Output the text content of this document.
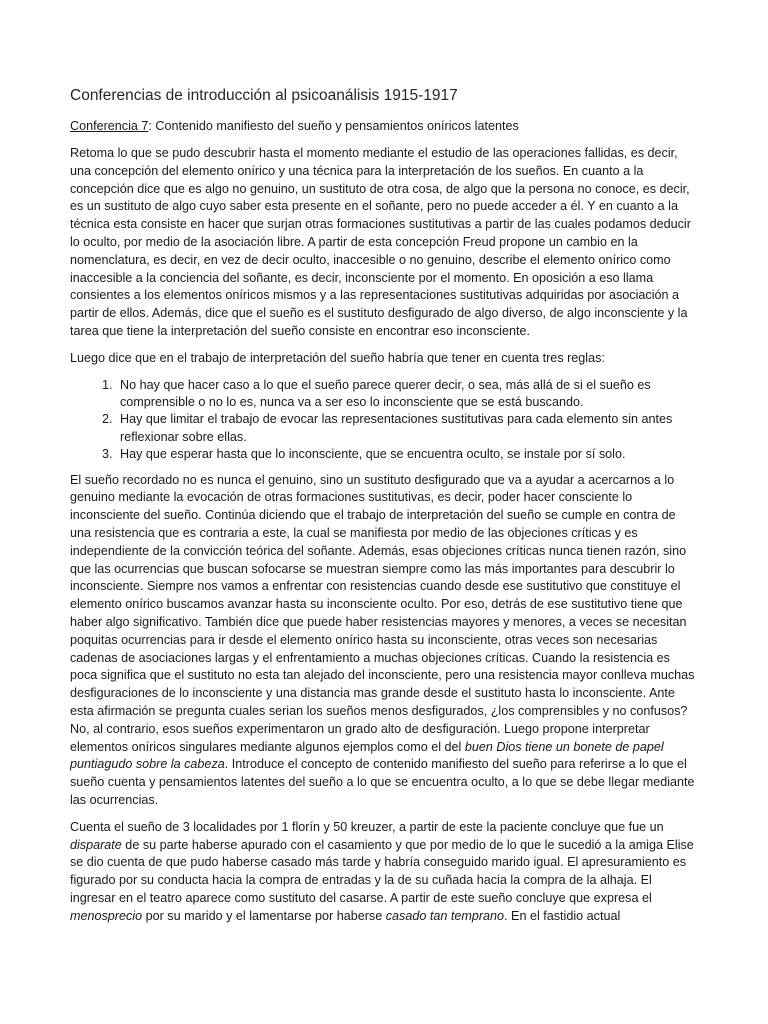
Conferencias de introducción al psicoanálisis 1915-1917

Conferencia 7: Contenido manifiesto del sueño y pensamientos oníricos latentes

Retoma lo que se pudo descubrir hasta el momento mediante el estudio de las operaciones fallidas, es decir, una concepción del elemento onírico y una técnica para la interpretación de los sueños. En cuanto a la concepción dice que es algo no genuino, un sustituto de otra cosa, de algo que la persona no conoce, es decir, es un sustituto de algo cuyo saber esta presente en el soñante, pero no puede acceder a él. Y en cuanto a la técnica esta consiste en hacer que surjan otras formaciones sustitutivas a partir de las cuales podamos deducir lo oculto, por medio de la asociación libre. A partir de esta concepción Freud propone un cambio en la nomenclatura, es decir, en vez de decir oculto, inaccesible o no genuino, describe el elemento onírico como inaccesible a la conciencia del soñante, es decir, inconsciente por el momento. En oposición a eso llama consientes a los elementos oníricos mismos y a las representaciones sustitutivas adquiridas por asociación a partir de ellos. Además, dice que el sueño es el sustituto desfigurado de algo diverso, de algo inconsciente y la tarea que tiene la interpretación del sueño consiste en encontrar eso inconsciente.

Luego dice que en el trabajo de interpretación del sueño habría que tener en cuenta tres reglas:

1. No hay que hacer caso a lo que el sueño parece querer decir, o sea, más allá de si el sueño es comprensible o no lo es, nunca va a ser eso lo inconsciente que se está buscando.
2. Hay que limitar el trabajo de evocar las representaciones sustitutivas para cada elemento sin antes reflexionar sobre ellas.
3. Hay que esperar hasta que lo inconsciente, que se encuentra oculto, se instale por sí solo.

El sueño recordado no es nunca el genuino, sino un sustituto desfigurado que va a ayudar a acercarnos a lo genuino mediante la evocación de otras formaciones sustitutivas, es decir, poder hacer consciente lo inconsciente del sueño. Continúa diciendo que el trabajo de interpretación del sueño se cumple en contra de una resistencia que es contraria a este, la cual se manifiesta por medio de las objeciones críticas y es independiente de la convicción teórica del soñante. Además, esas objeciones críticas nunca tienen razón, sino que las ocurrencias que buscan sofocarse se muestran siempre como las más importantes para descubrir lo inconsciente. Siempre nos vamos a enfrentar con resistencias cuando desde ese sustitutivo que constituye el elemento onírico buscamos avanzar hasta su inconsciente oculto. Por eso, detrás de ese sustitutivo tiene que haber algo significativo. También dice que puede haber resistencias mayores y menores, a veces se necesitan poquitas ocurrencias para ir desde el elemento onírico hasta su inconsciente, otras veces son necesarias cadenas de asociaciones largas y el enfrentamiento a muchas objeciones críticas. Cuando la resistencia es poca significa que el sustituto no esta tan alejado del inconsciente, pero una resistencia mayor conlleva muchas desfiguraciones de lo inconsciente y una distancia mas grande desde el sustituto hasta lo inconsciente. Ante esta afirmación se pregunta cuales serian los sueños menos desfigurados, ¿los comprensibles y no confusos? No, al contrario, esos sueños experimentaron un grado alto de desfiguración. Luego propone interpretar elementos oníricos singulares mediante algunos ejemplos como el del buen Dios tiene un bonete de papel puntiagudo sobre la cabeza. Introduce el concepto de contenido manifiesto del sueño para referirse a lo que el sueño cuenta y pensamientos latentes del sueño a lo que se encuentra oculto, a lo que se debe llegar mediante las ocurrencias.

Cuenta el sueño de 3 localidades por 1 florín y 50 kreuzer, a partir de este la paciente concluye que fue un disparate de su parte haberse apurado con el casamiento y que por medio de lo que le sucedió a la amiga Elise se dio cuenta de que pudo haberse casado más tarde y habría conseguido marido igual. El apresuramiento es figurado por su conducta hacia la compra de entradas y la de su cuñada hacia la compra de la alhaja. El ingresar en el teatro aparece como sustituto del casarse. A partir de este sueño concluye que expresa el menosprecio por su marido y el lamentarse por haberse casado tan temprano. En el fastidio actual
